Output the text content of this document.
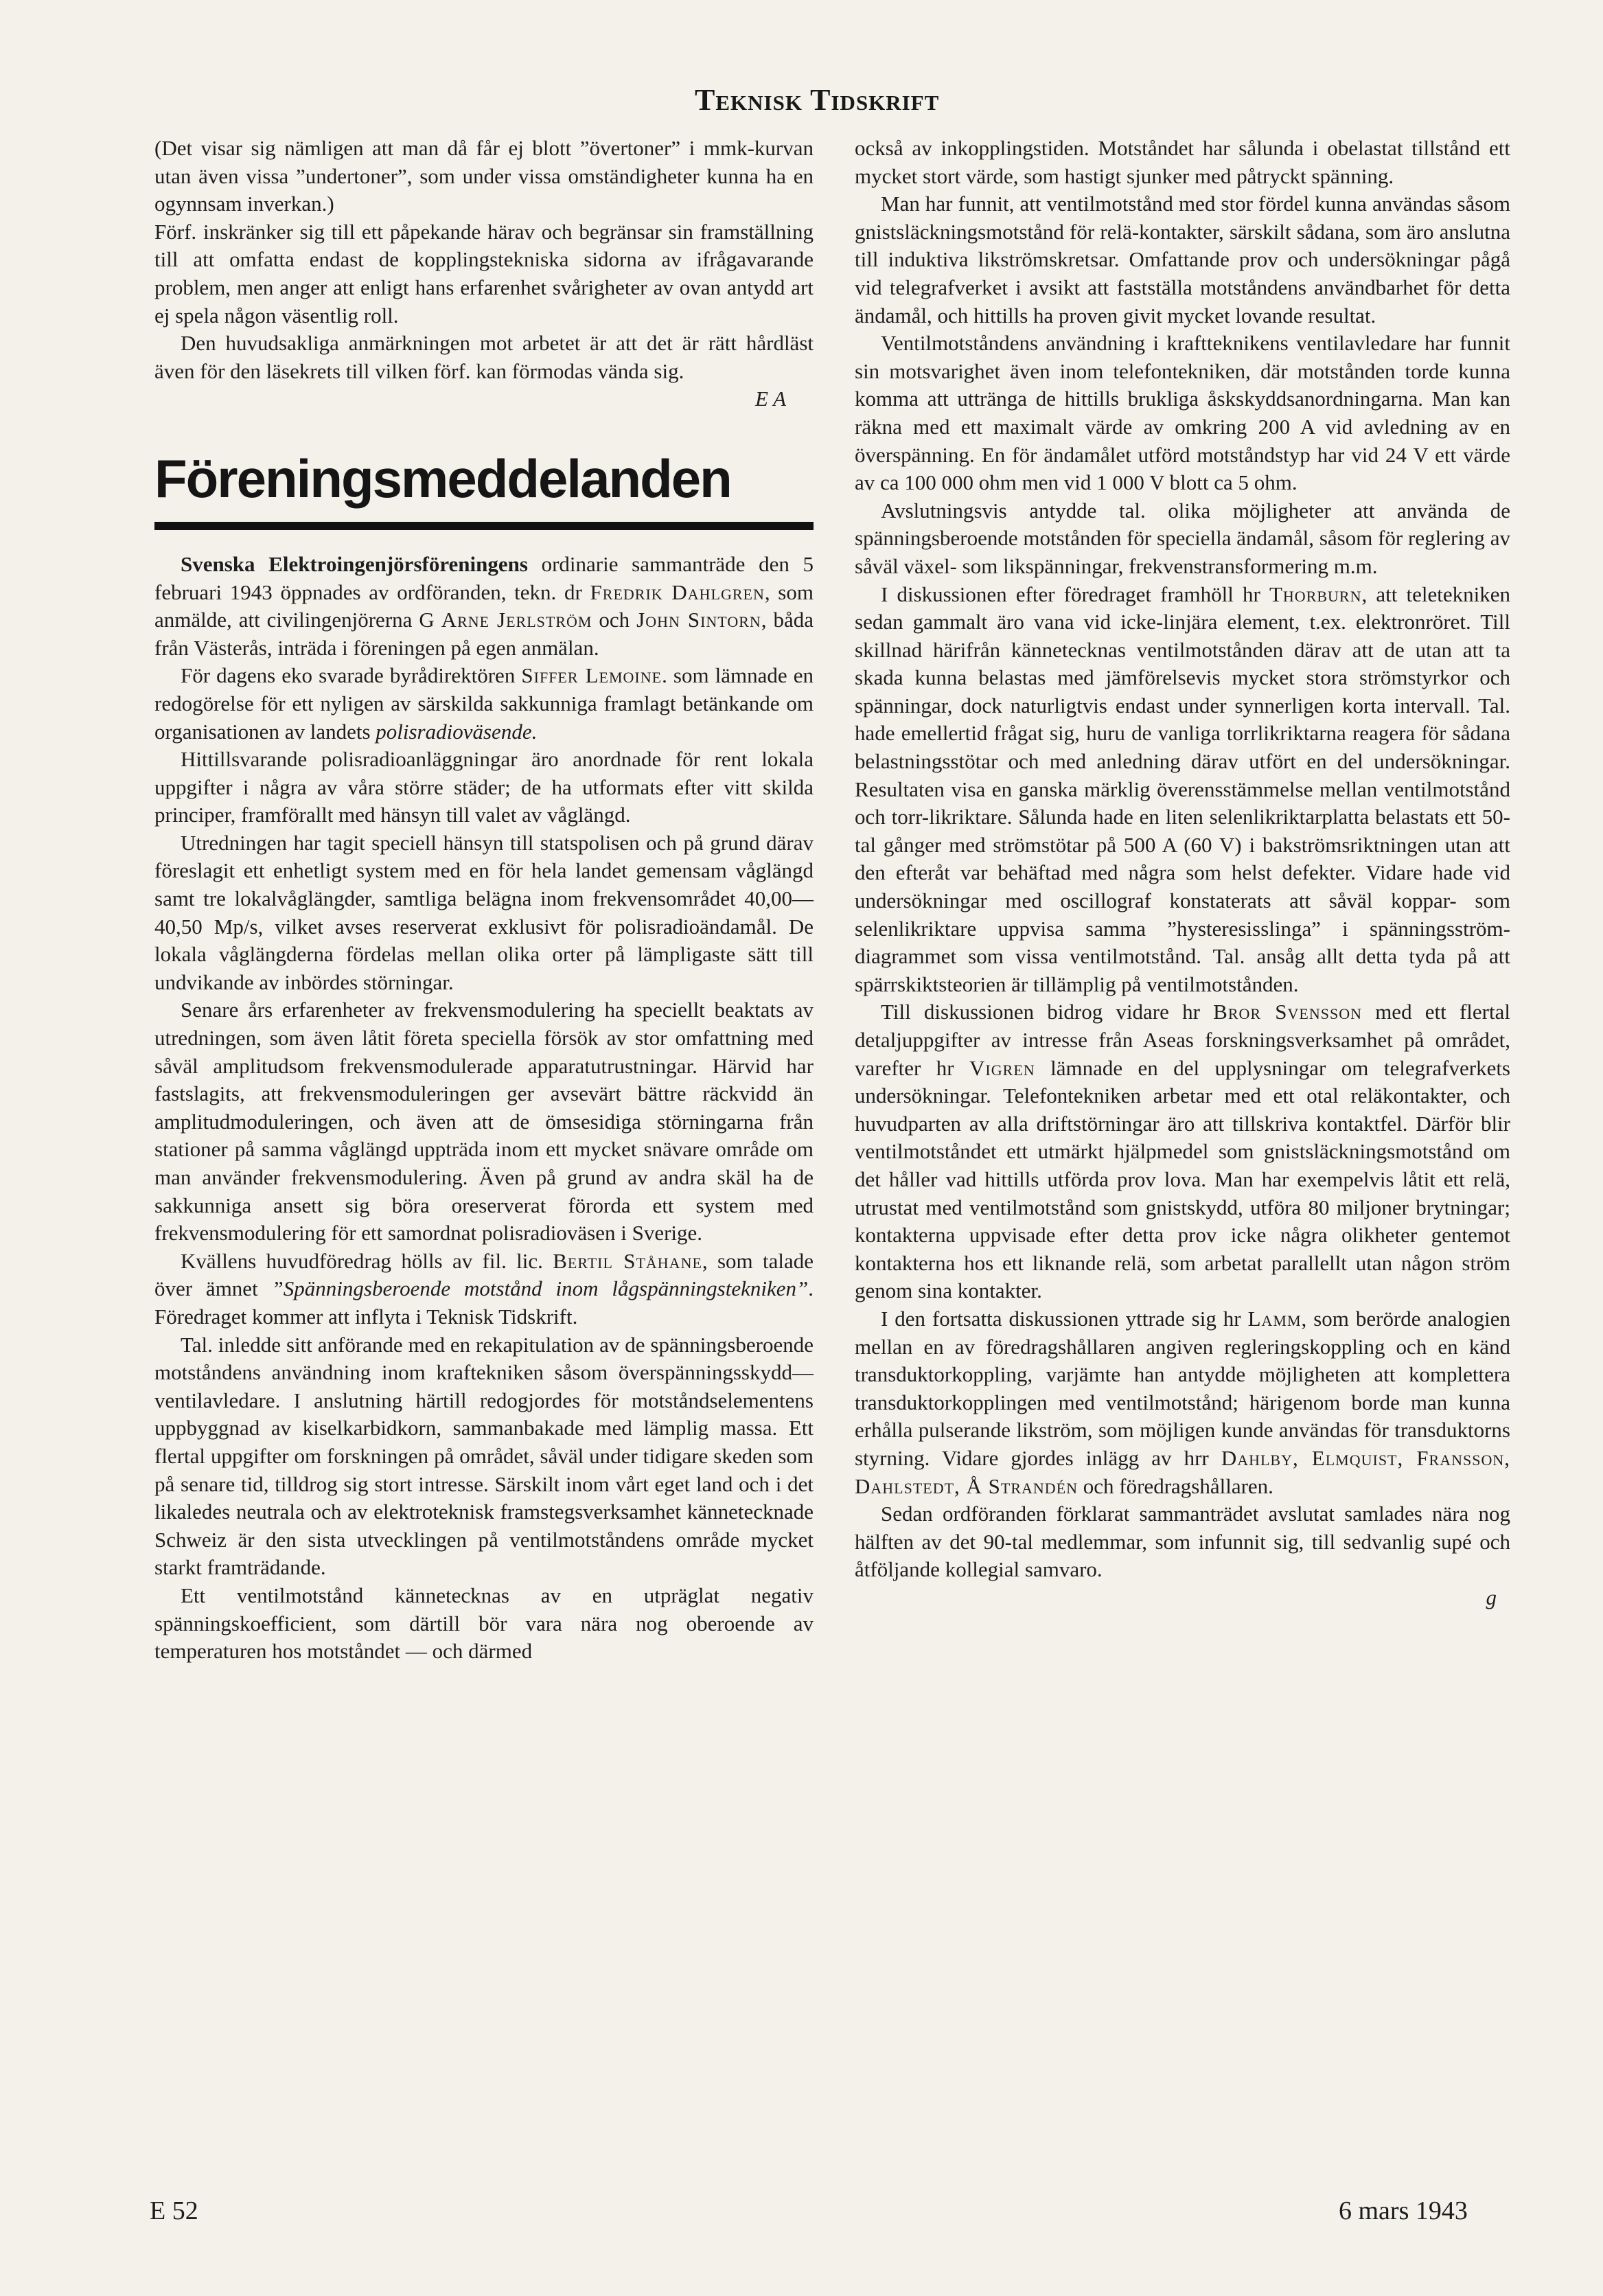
Teknisk Tidskrift

(Det visar sig nämligen att man då får ej blott ”övertoner” i mmk-kurvan utan även vissa ”undertoner”, som under vissa omständigheter kunna ha en ogynnsam inverkan.)

Förf. inskränker sig till ett påpekande härav och begränsar sin framställning till att omfatta endast de kopplingstekniska sidorna av ifrågavarande problem, men anger att enligt hans erfarenhet svårigheter av ovan antydd art ej spela någon väsentlig roll.

Den huvudsakliga anmärkningen mot arbetet är att det är rätt hårdläst även för den läsekrets till vilken förf. kan förmodas vända sig.

E A

Föreningsmeddelanden

Svenska Elektroingenjörsföreningens ordinarie sammanträde den 5 februari 1943 öppnades av ordföranden, tekn. dr Fredrik Dahlgren, som anmälde, att civilingenjörerna G Arne Jerlström och John Sintorn, båda från Västerås, inträda i föreningen på egen anmälan.

För dagens eko svarade byrådirektören Siffer Lemoine. som lämnade en redogörelse för ett nyligen av särskilda sakkunniga framlagt betänkande om organisationen av landets polisradioväsende.

Hittillsvarande polisradioanläggningar äro anordnade för rent lokala uppgifter i några av våra större städer; de ha utformats efter vitt skilda principer, framförallt med hänsyn till valet av våglängd.

Utredningen har tagit speciell hänsyn till statspolisen och på grund därav föreslagit ett enhetligt system med en för hela landet gemensam våglängd samt tre lokalvåglängder, samtliga belägna inom frekvensområdet 40,00—40,50 Mp/s, vilket avses reserverat exklusivt för polisradioändamål. De lokala våglängderna fördelas mellan olika orter på lämpligaste sätt till undvikande av inbördes störningar.

Senare års erfarenheter av frekvensmodulering ha speciellt beaktats av utredningen, som även låtit företa speciella försök av stor omfattning med såväl amplitudsom frekvensmodulerade apparatutrustningar. Härvid har fastslagits, att frekvensmoduleringen ger avsevärt bättre räckvidd än amplitudmoduleringen, och även att de ömsesidiga störningarna från stationer på samma våglängd uppträda inom ett mycket snävare område om man använder frekvensmodulering. Även på grund av andra skäl ha de sakkunniga ansett sig böra oreserverat förorda ett system med frekvensmodulering för ett samordnat polisradioväsen i Sverige.

Kvällens huvudföredrag hölls av fil. lic. Bertil Ståhane, som talade över ämnet ”Spänningsberoende motstånd inom lågspänningstekniken”. Föredraget kommer att inflyta i Teknisk Tidskrift.

Tal. inledde sitt anförande med en rekapitulation av de spänningsberoende motståndens användning inom kraftekniken såsom överspänningsskydd—ventilavledare. I anslutning härtill redogjordes för motståndselementens uppbyggnad av kiselkarbidkorn, sammanbakade med lämplig massa. Ett flertal uppgifter om forskningen på området, såväl under tidigare skeden som på senare tid, tilldrog sig stort intresse. Särskilt inom vårt eget land och i det likaledes neutrala och av elektroteknisk framstegsverksamhet kännetecknade Schweiz är den sista utvecklingen på ventilmotståndens område mycket starkt framträdande.

Ett ventilmotstånd kännetecknas av en utpräglat negativ spänningskoefficient, som därtill bör vara nära nog oberoende av temperaturen hos motståndet — och därmed

också av inkopplingstiden. Motståndet har sålunda i obelastat tillstånd ett mycket stort värde, som hastigt sjunker med påtryckt spänning.

Man har funnit, att ventilmotstånd med stor fördel kunna användas såsom gnistsläckningsmotstånd för relä-kontakter, särskilt sådana, som äro anslutna till induktiva likströmskretsar. Omfattande prov och undersökningar pågå vid telegrafverket i avsikt att fastställa motståndens användbarhet för detta ändamål, och hittills ha proven givit mycket lovande resultat.

Ventilmotståndens användning i kraftteknikens ventilavledare har funnit sin motsvarighet även inom telefontekniken, där motstånden torde kunna komma att uttränga de hittills brukliga åskskyddsanordningarna. Man kan räkna med ett maximalt värde av omkring 200 A vid avledning av en överspänning. En för ändamålet utförd motståndstyp har vid 24 V ett värde av ca 100 000 ohm men vid 1 000 V blott ca 5 ohm.

Avslutningsvis antydde tal. olika möjligheter att använda de spänningsberoende motstånden för speciella ändamål, såsom för reglering av såväl växel- som likspänningar, frekvenstransformering m.m.

I diskussionen efter föredraget framhöll hr Thorburn, att teletekniken sedan gammalt äro vana vid icke-linjära element, t.ex. elektronröret. Till skillnad härifrån kännetecknas ventilmotstånden därav att de utan att ta skada kunna belastas med jämförelsevis mycket stora strömstyrkor och spänningar, dock naturligtvis endast under synnerligen korta intervall. Tal. hade emellertid frågat sig, huru de vanliga torrlikriktarna reagera för sådana belastningsstötar och med anledning därav utfört en del undersökningar. Resultaten visa en ganska märklig överensstämmelse mellan ventilmotstånd och torr-likriktare. Sålunda hade en liten selenlikriktarplatta belastats ett 50-tal gånger med strömstötar på 500 A (60 V) i bakströmsriktningen utan att den efteråt var behäftad med några som helst defekter. Vidare hade vid undersökningar med oscillograf konstaterats att såväl koppar- som selenlikriktare uppvisa samma ”hysteresisslinga” i spänningsström-diagrammet som vissa ventilmotstånd. Tal. ansåg allt detta tyda på att spärrskiktsteorien är tillämplig på ventilmotstånden.

Till diskussionen bidrog vidare hr Bror Svensson med ett flertal detaljuppgifter av intresse från Aseas forskningsverksamhet på området, varefter hr Vigren lämnade en del upplysningar om telegrafverkets undersökningar. Telefontekniken arbetar med ett otal reläkontakter, och huvudparten av alla driftstörningar äro att tillskriva kontaktfel. Därför blir ventilmotståndet ett utmärkt hjälpmedel som gnistsläckningsmotstånd om det håller vad hittills utförda prov lova. Man har exempelvis låtit ett relä, utrustat med ventilmotstånd som gnistskydd, utföra 80 miljoner brytningar; kontakterna uppvisade efter detta prov icke några olikheter gentemot kontakterna hos ett liknande relä, som arbetat parallellt utan någon ström genom sina kontakter.

I den fortsatta diskussionen yttrade sig hr Lamm, som berörde analogien mellan en av föredragshållaren angiven regleringskoppling och en känd transduktorkoppling, varjämte han antydde möjligheten att komplettera transduktorkopplingen med ventilmotstånd; härigenom borde man kunna erhålla pulserande likström, som möjligen kunde användas för transduktorns styrning. Vidare gjordes inlägg av hrr Dahlby, Elmquist, Fransson, Dahlstedt, Å Strandén och föredragshållaren.

Sedan ordföranden förklarat sammanträdet avslutat samlades nära nog hälften av det 90-tal medlemmar, som infunnit sig, till sedvanlig supé och åtföljande kollegial samvaro.

g

E 52	6 mars 1943
